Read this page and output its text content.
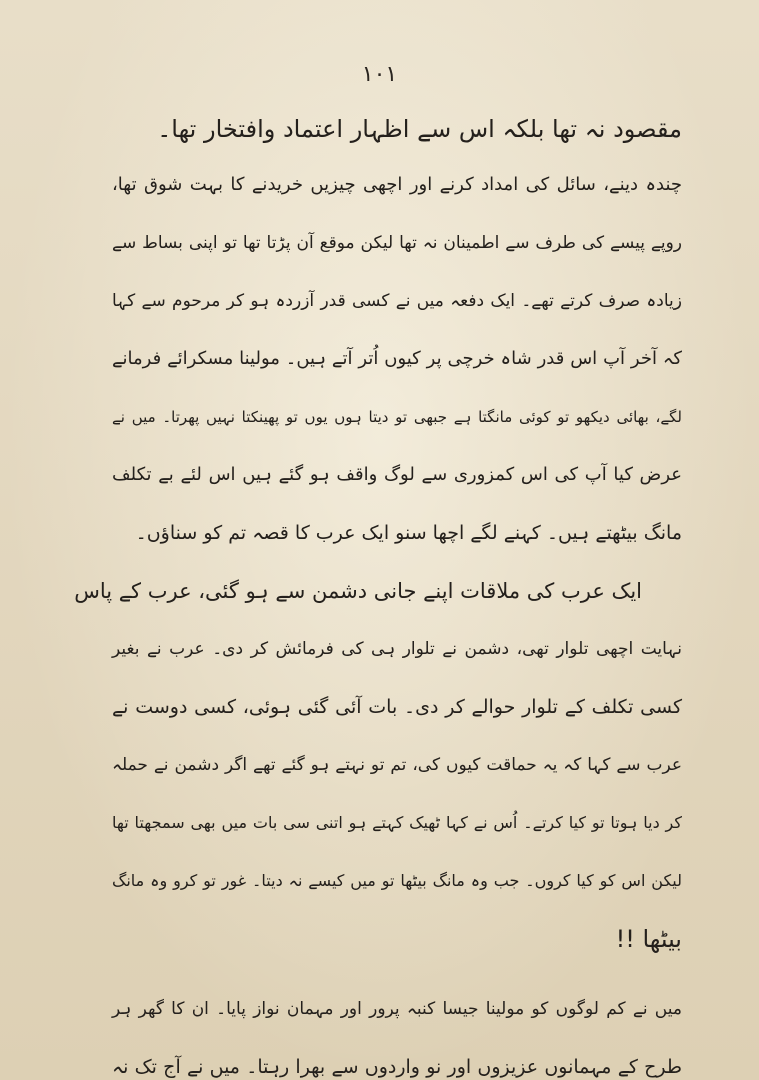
۱۰۱
مقصود نہ تھا بلکہ اس سے اظہار اعتماد وافتخار تھا۔
چندہ دینے، سائل کی امداد کرنے اور اچھی چیزیں خریدنے کا بہت شوق تھا،
روپے پیسے کی طرف سے اطمینان نہ تھا لیکن موقع آن پڑتا تھا تو اپنی بساط سے
زیادہ صرف کرتے تھے۔ ایک دفعہ میں نے کسی قدر آزردہ ہو کر مرحوم سے کہا
کہ آخر آپ اس قدر شاہ خرچی پر کیوں اُتر آتے ہیں۔ مولینا مسکرائے فرمانے
لگے، بھائی دیکھو تو کوئی مانگتا ہے جبھی تو دیتا ہوں یوں تو پھینکتا نہیں پھرتا۔ میں نے
عرض کیا آپ کی اس کمزوری سے لوگ واقف ہو گئے ہیں اس لئے بے تکلف
مانگ بیٹھتے ہیں۔ کہنے لگے اچھا سنو ایک عرب کا قصہ تم کو سناؤں۔
ایک عرب کی ملاقات اپنے جانی دشمن سے ہو گئی، عرب کے پاس
نہایت اچھی تلوار تھی، دشمن نے تلوار ہی کی فرمائش کر دی۔ عرب نے بغیر
کسی تکلف کے تلوار حوالے کر دی۔ بات آئی گئی ہوئی، کسی دوست نے
عرب سے کہا کہ یہ حماقت کیوں کی، تم تو نہتے ہو گئے تھے اگر دشمن نے حملہ
کر دیا ہوتا تو کیا کرتے۔ اُس نے کہا ٹھیک کہتے ہو اتنی سی بات میں بھی سمجھتا تھا
لیکن اس کو کیا کروں۔ جب وہ مانگ بیٹھا تو میں کیسے نہ دیتا۔ غور تو کرو وہ مانگ
بیٹھا !!
میں نے کم لوگوں کو مولینا جیسا کنبہ پرور اور مہمان نواز پایا۔ ان کا گھر ہر
طرح کے مہمانوں عزیزوں اور نو واردوں سے بھرا رہتا۔ میں نے آج تک نہ
